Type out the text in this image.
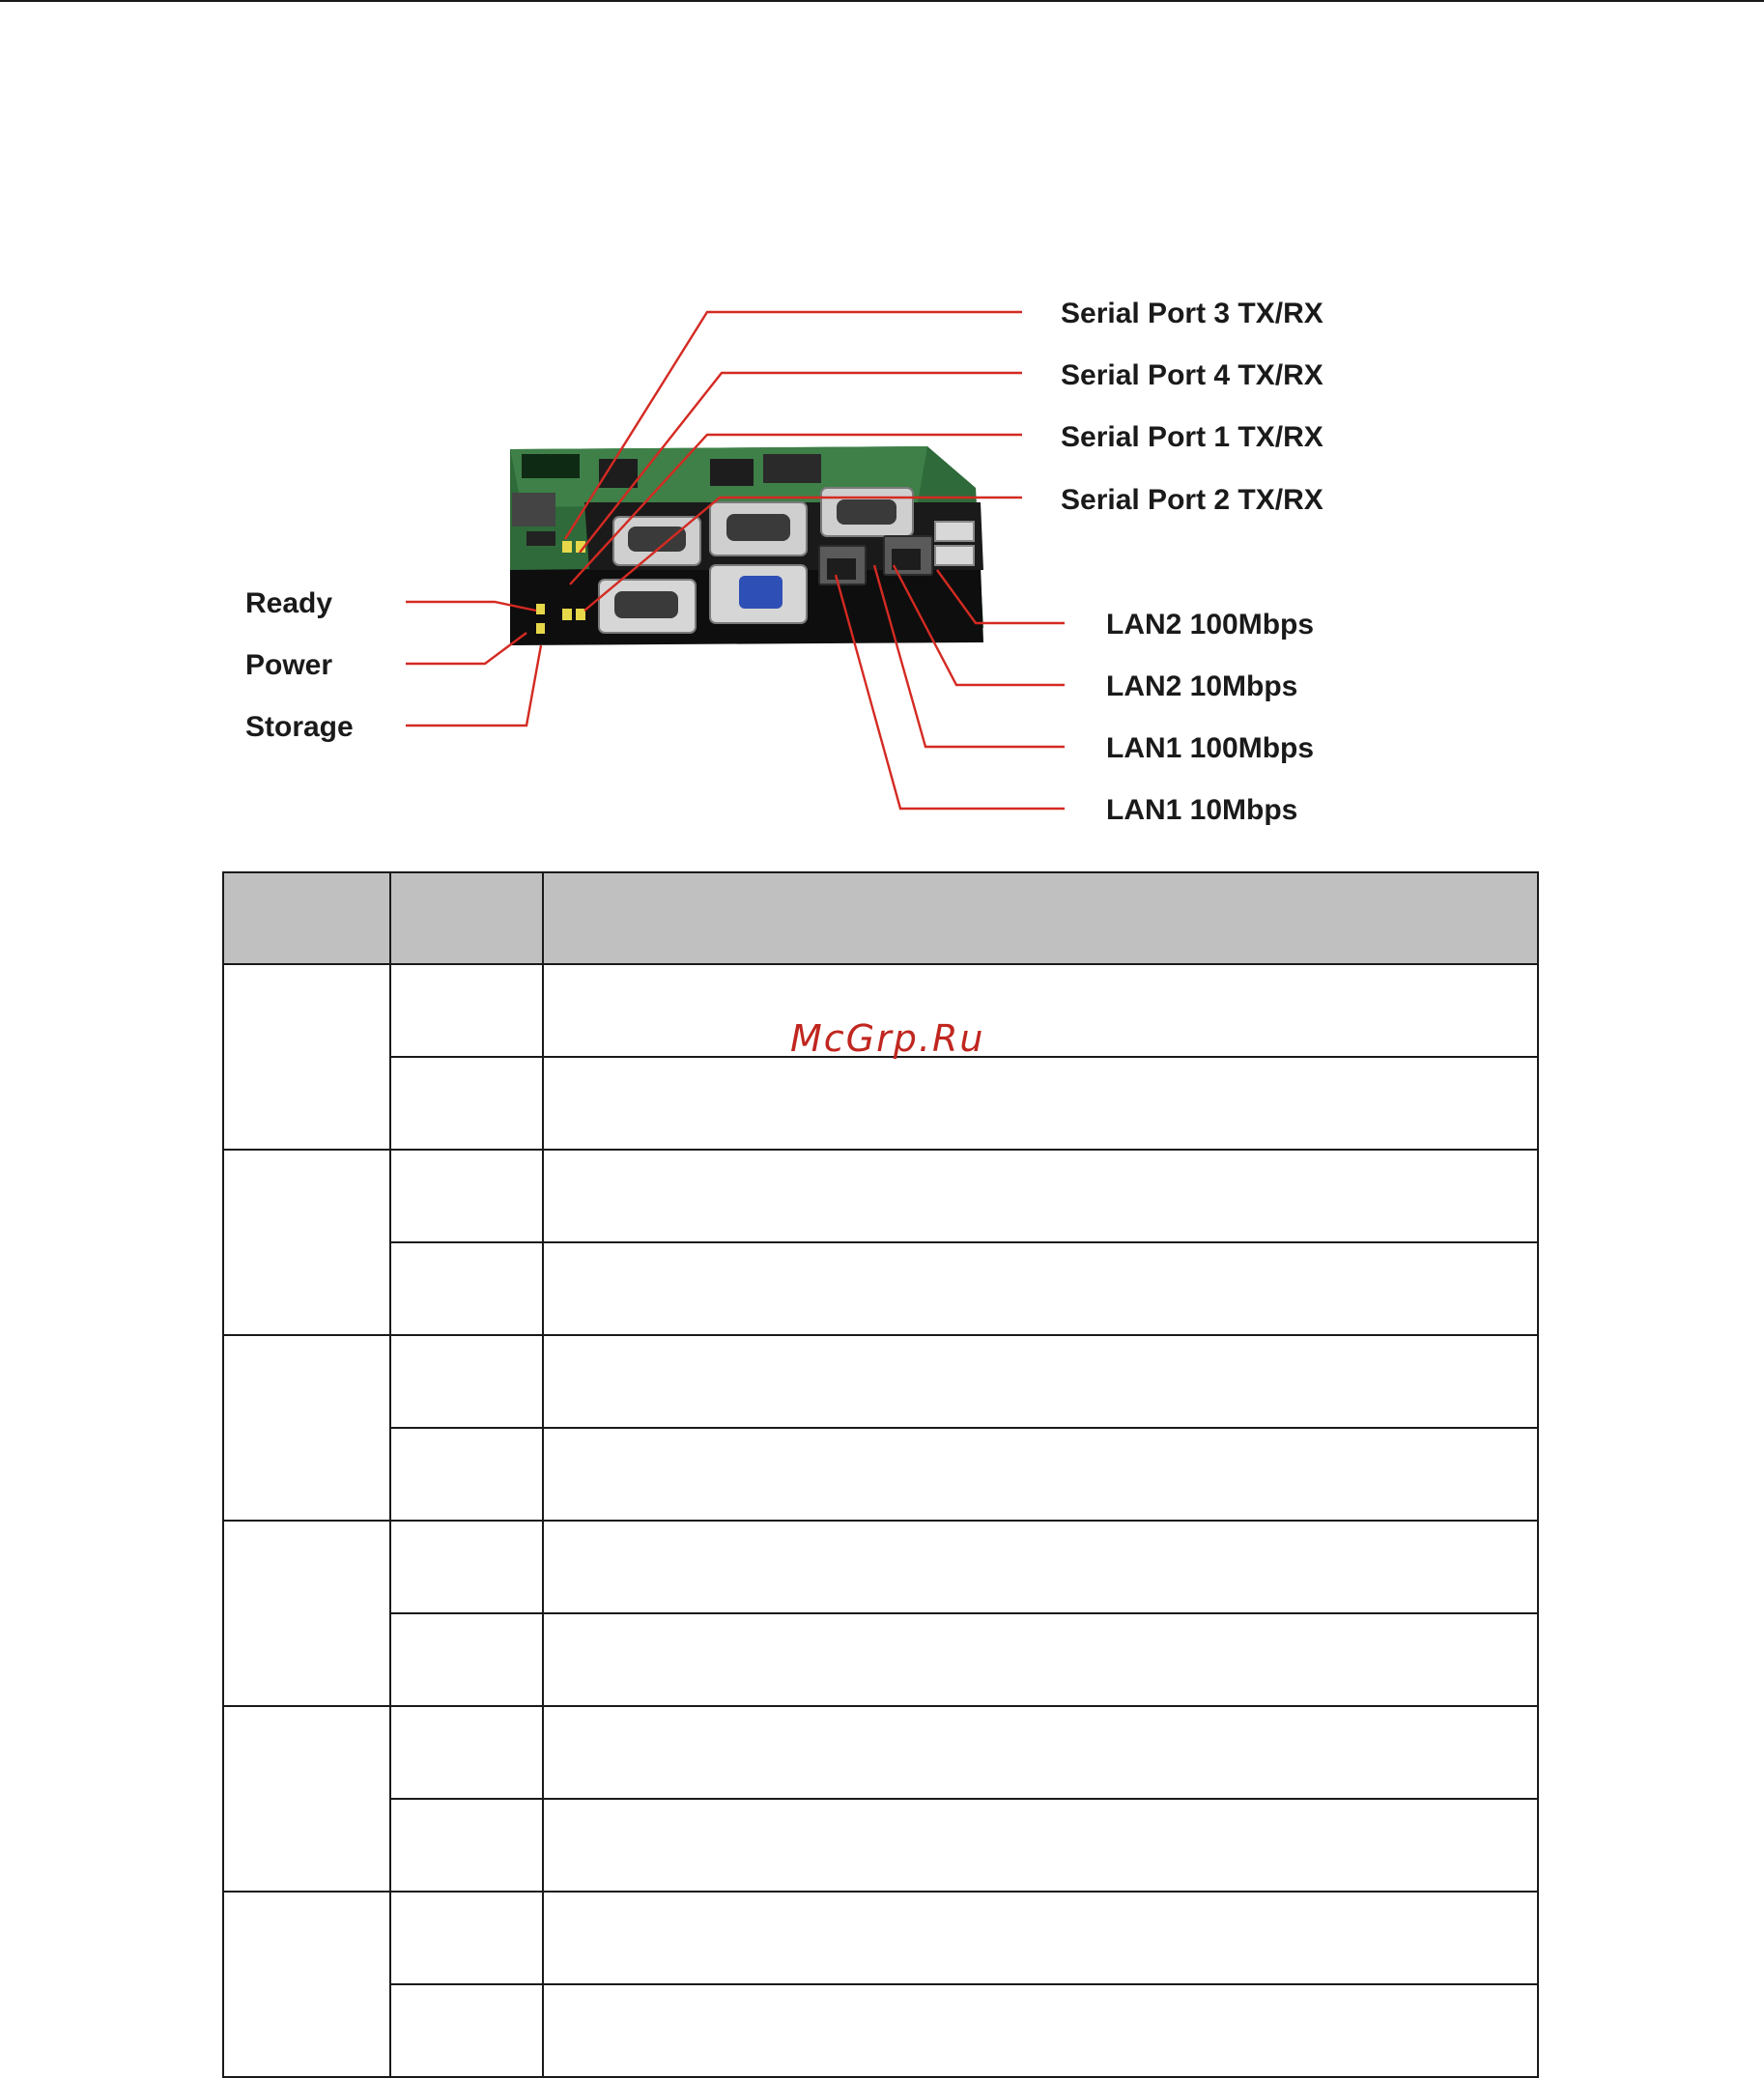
Serial Port 3 TX/RX
Serial Port 4 TX/RX
Serial Port 1 TX/RX
Serial Port 2 TX/RX
LAN2 100Mbps
LAN2 10Mbps
LAN1 100Mbps
LAN1 10Mbps
Ready
Power
Storage

McGrp.Ru
